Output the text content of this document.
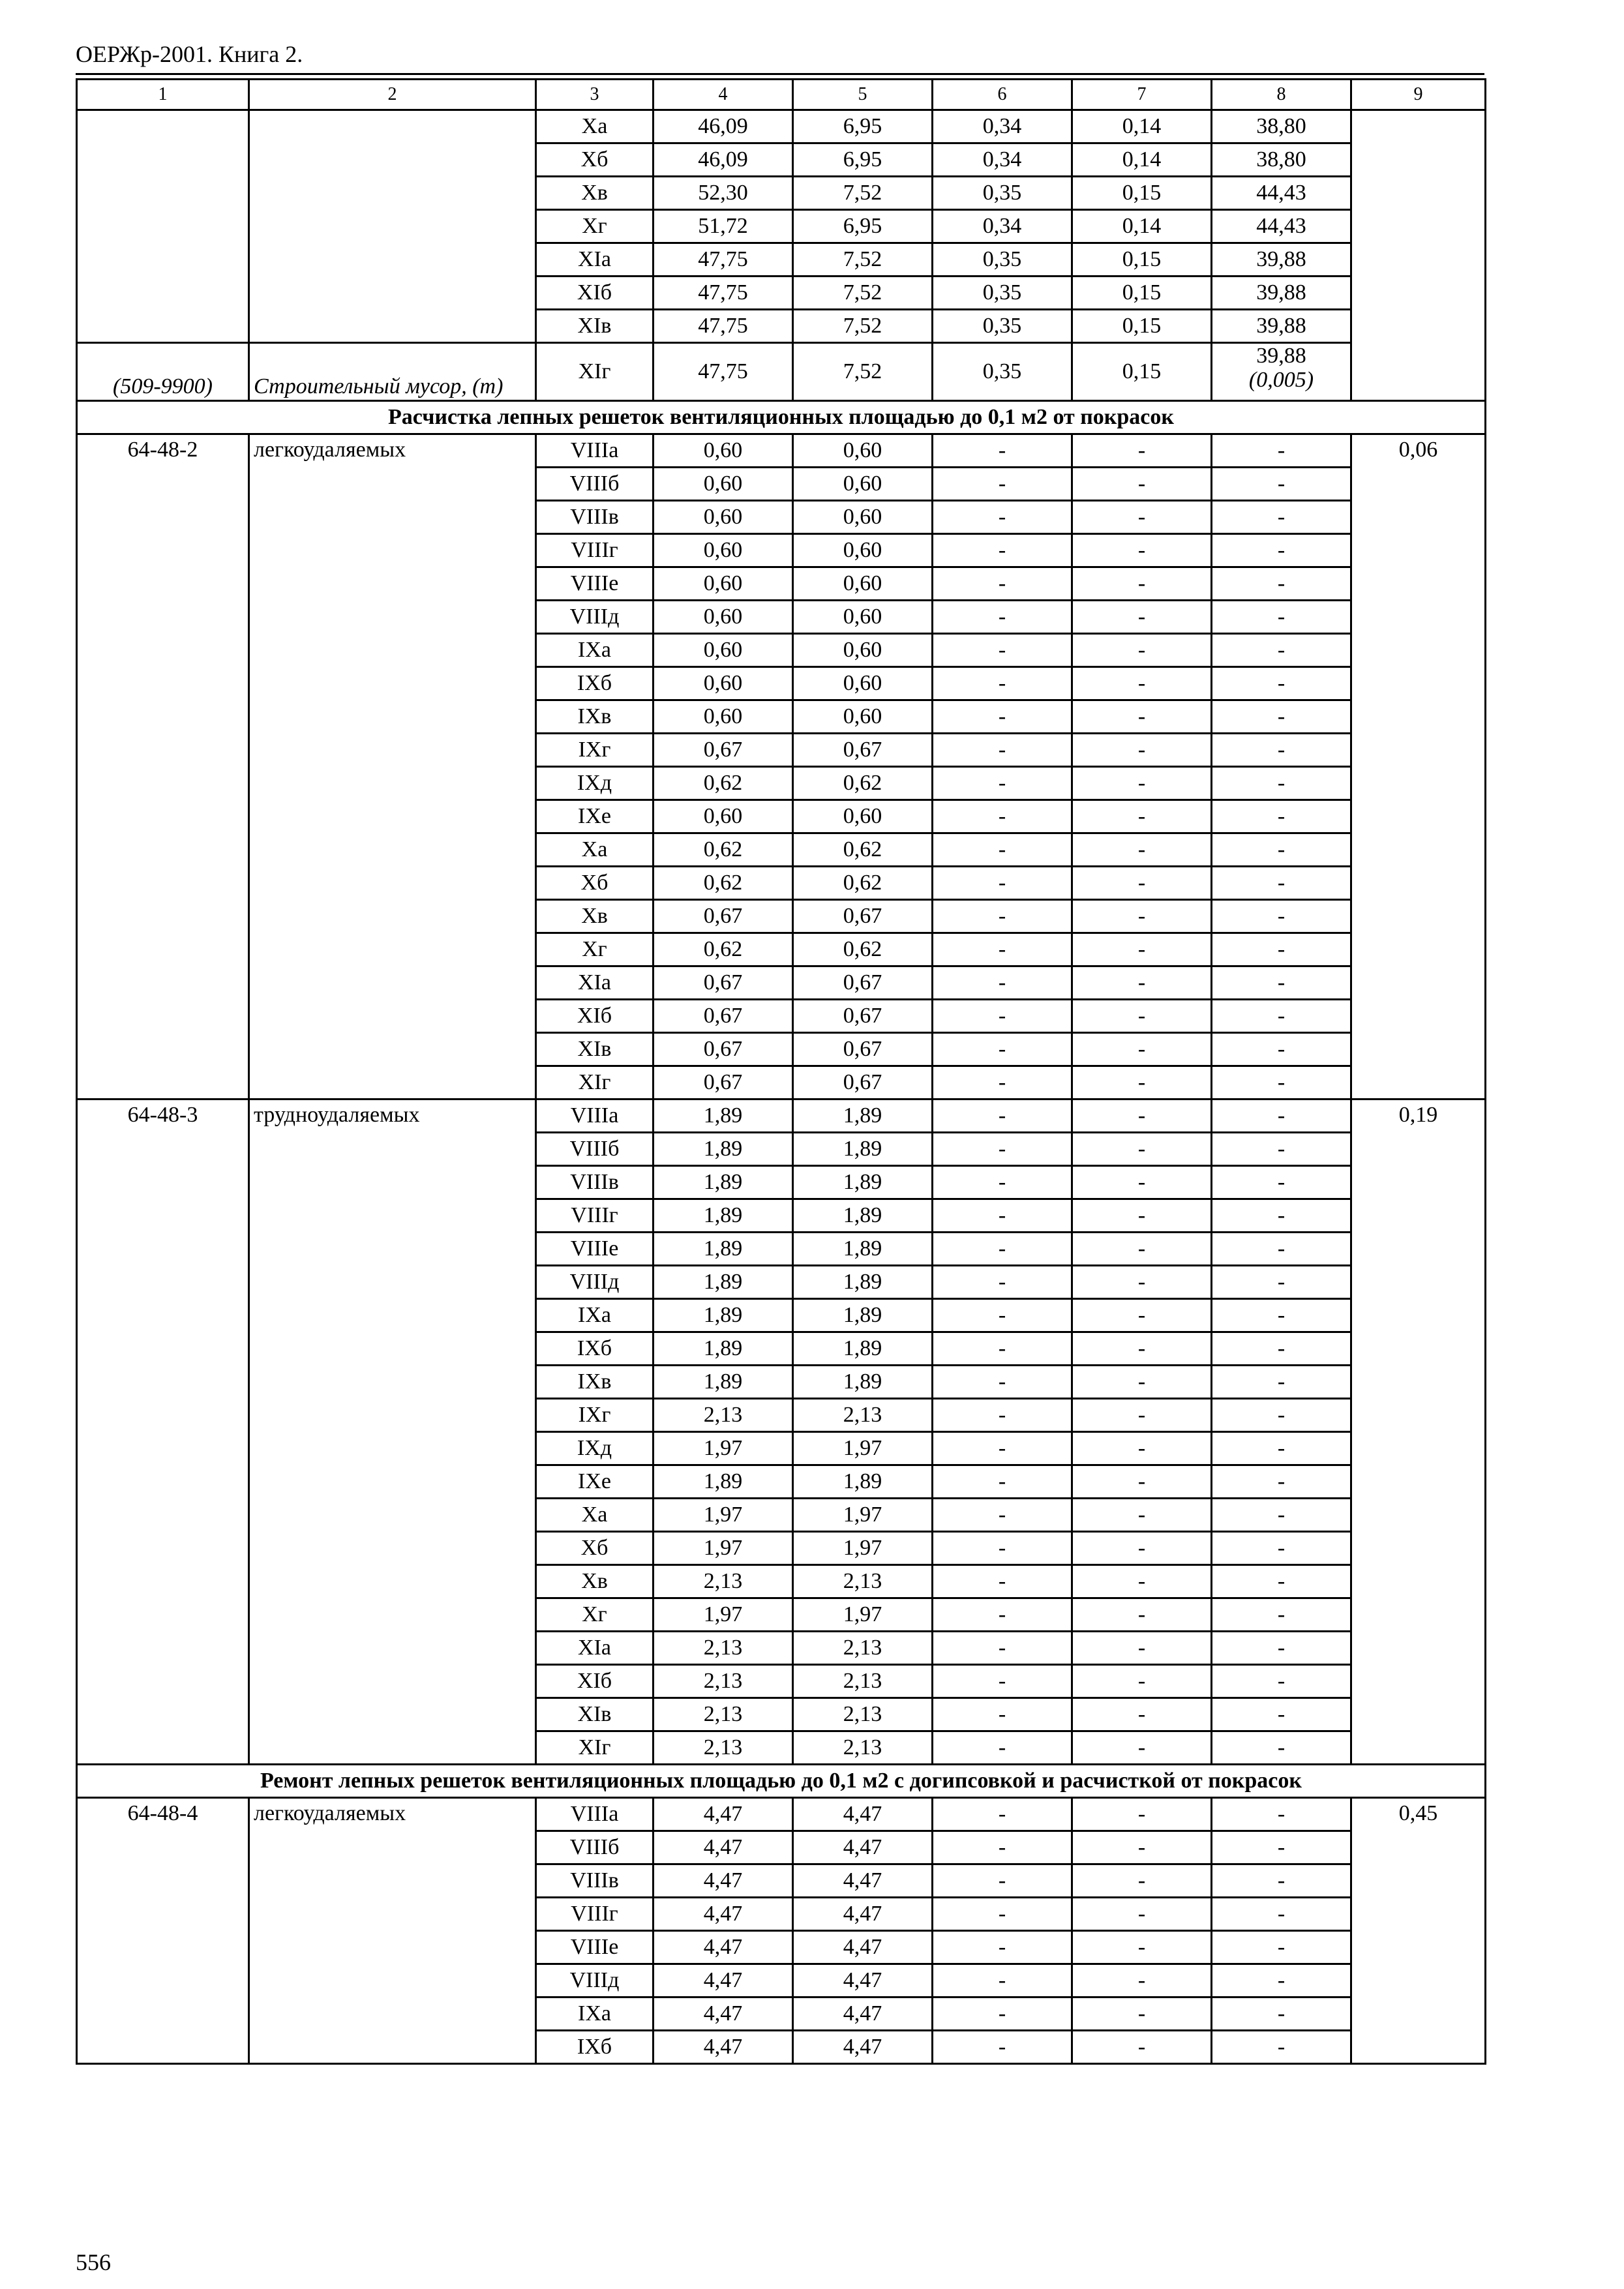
ОЕРЖр-2001. Книга 2.
1	2	3	4	5	6	7	8	9
		Xa	46,09	6,95	0,34	0,14	38,80	
		Xб	46,09	6,95	0,34	0,14	38,80	
		Xв	52,30	7,52	0,35	0,15	44,43	
		Xг	51,72	6,95	0,34	0,14	44,43	
		XIa	47,75	7,52	0,35	0,15	39,88	
		XIб	47,75	7,52	0,35	0,15	39,88	
		XIв	47,75	7,52	0,35	0,15	39,88	
(509-9900)	Строительный мусор, (т)	XIг	47,75	7,52	0,35	0,15	39,88
(0,005)	

Расчистка лепных решеток вентиляционных площадью до 0,1 м2 от покрасок								
64-48-2	легкоудаляемых	VIIIa	0,60	0,60	-	-	-	0,06
		VIIIб	0,60	0,60	-	-	-	
		VIIIв	0,60	0,60	-	-	-	
		VIIIг	0,60	0,60	-	-	-	
		VIIIе	0,60	0,60	-	-	-	
		VIIIд	0,60	0,60	-	-	-	
		IXa	0,60	0,60	-	-	-	
		IXб	0,60	0,60	-	-	-	
		IXв	0,60	0,60	-	-	-	
		IXг	0,67	0,67	-	-	-	
		IXд	0,62	0,62	-	-	-	
		IXе	0,60	0,60	-	-	-	
		Xa	0,62	0,62	-	-	-	
		Xб	0,62	0,62	-	-	-	
		Xв	0,67	0,67	-	-	-	
		Xг	0,62	0,62	-	-	-	
		XIa	0,67	0,67	-	-	-	
		XIб	0,67	0,67	-	-	-	
		XIв	0,67	0,67	-	-	-	
		XIг	0,67	0,67	-	-	-	
64-48-3	трудноудаляемых	VIIIa	1,89	1,89	-	-	-	0,19
		VIIIб	1,89	1,89	-	-	-	
		VIIIв	1,89	1,89	-	-	-	
		VIIIг	1,89	1,89	-	-	-	
		VIIIе	1,89	1,89	-	-	-	
		VIIIд	1,89	1,89	-	-	-	
		IXa	1,89	1,89	-	-	-	
		IXб	1,89	1,89	-	-	-	
		IXв	1,89	1,89	-	-	-	
		IXг	2,13	2,13	-	-	-	
		IXд	1,97	1,97	-	-	-	
		IXе	1,89	1,89	-	-	-	
		Xa	1,97	1,97	-	-	-	
		Xб	1,97	1,97	-	-	-	
		Xв	2,13	2,13	-	-	-	
		Xг	1,97	1,97	-	-	-	
		XIa	2,13	2,13	-	-	-	
		XIб	2,13	2,13	-	-	-	
		XIв	2,13	2,13	-	-	-	
		XIг	2,13	2,13	-	-	-	
Ремонт лепных решеток вентиляционных площадью до 0,1 м2 с догипсовкой и расчисткой от покрасок								
64-48-4	легкоудаляемых	VIIIa	4,47	4,47	-	-	-	0,45
		VIIIб	4,47	4,47	-	-	-	
		VIIIв	4,47	4,47	-	-	-	
		VIIIг	4,47	4,47	-	-	-	
		VIIIе	4,47	4,47	-	-	-	
		VIIIд	4,47	4,47	-	-	-	
		IXa	4,47	4,47	-	-	-	
		IXб	4,47	4,47	-	-	-	
556
